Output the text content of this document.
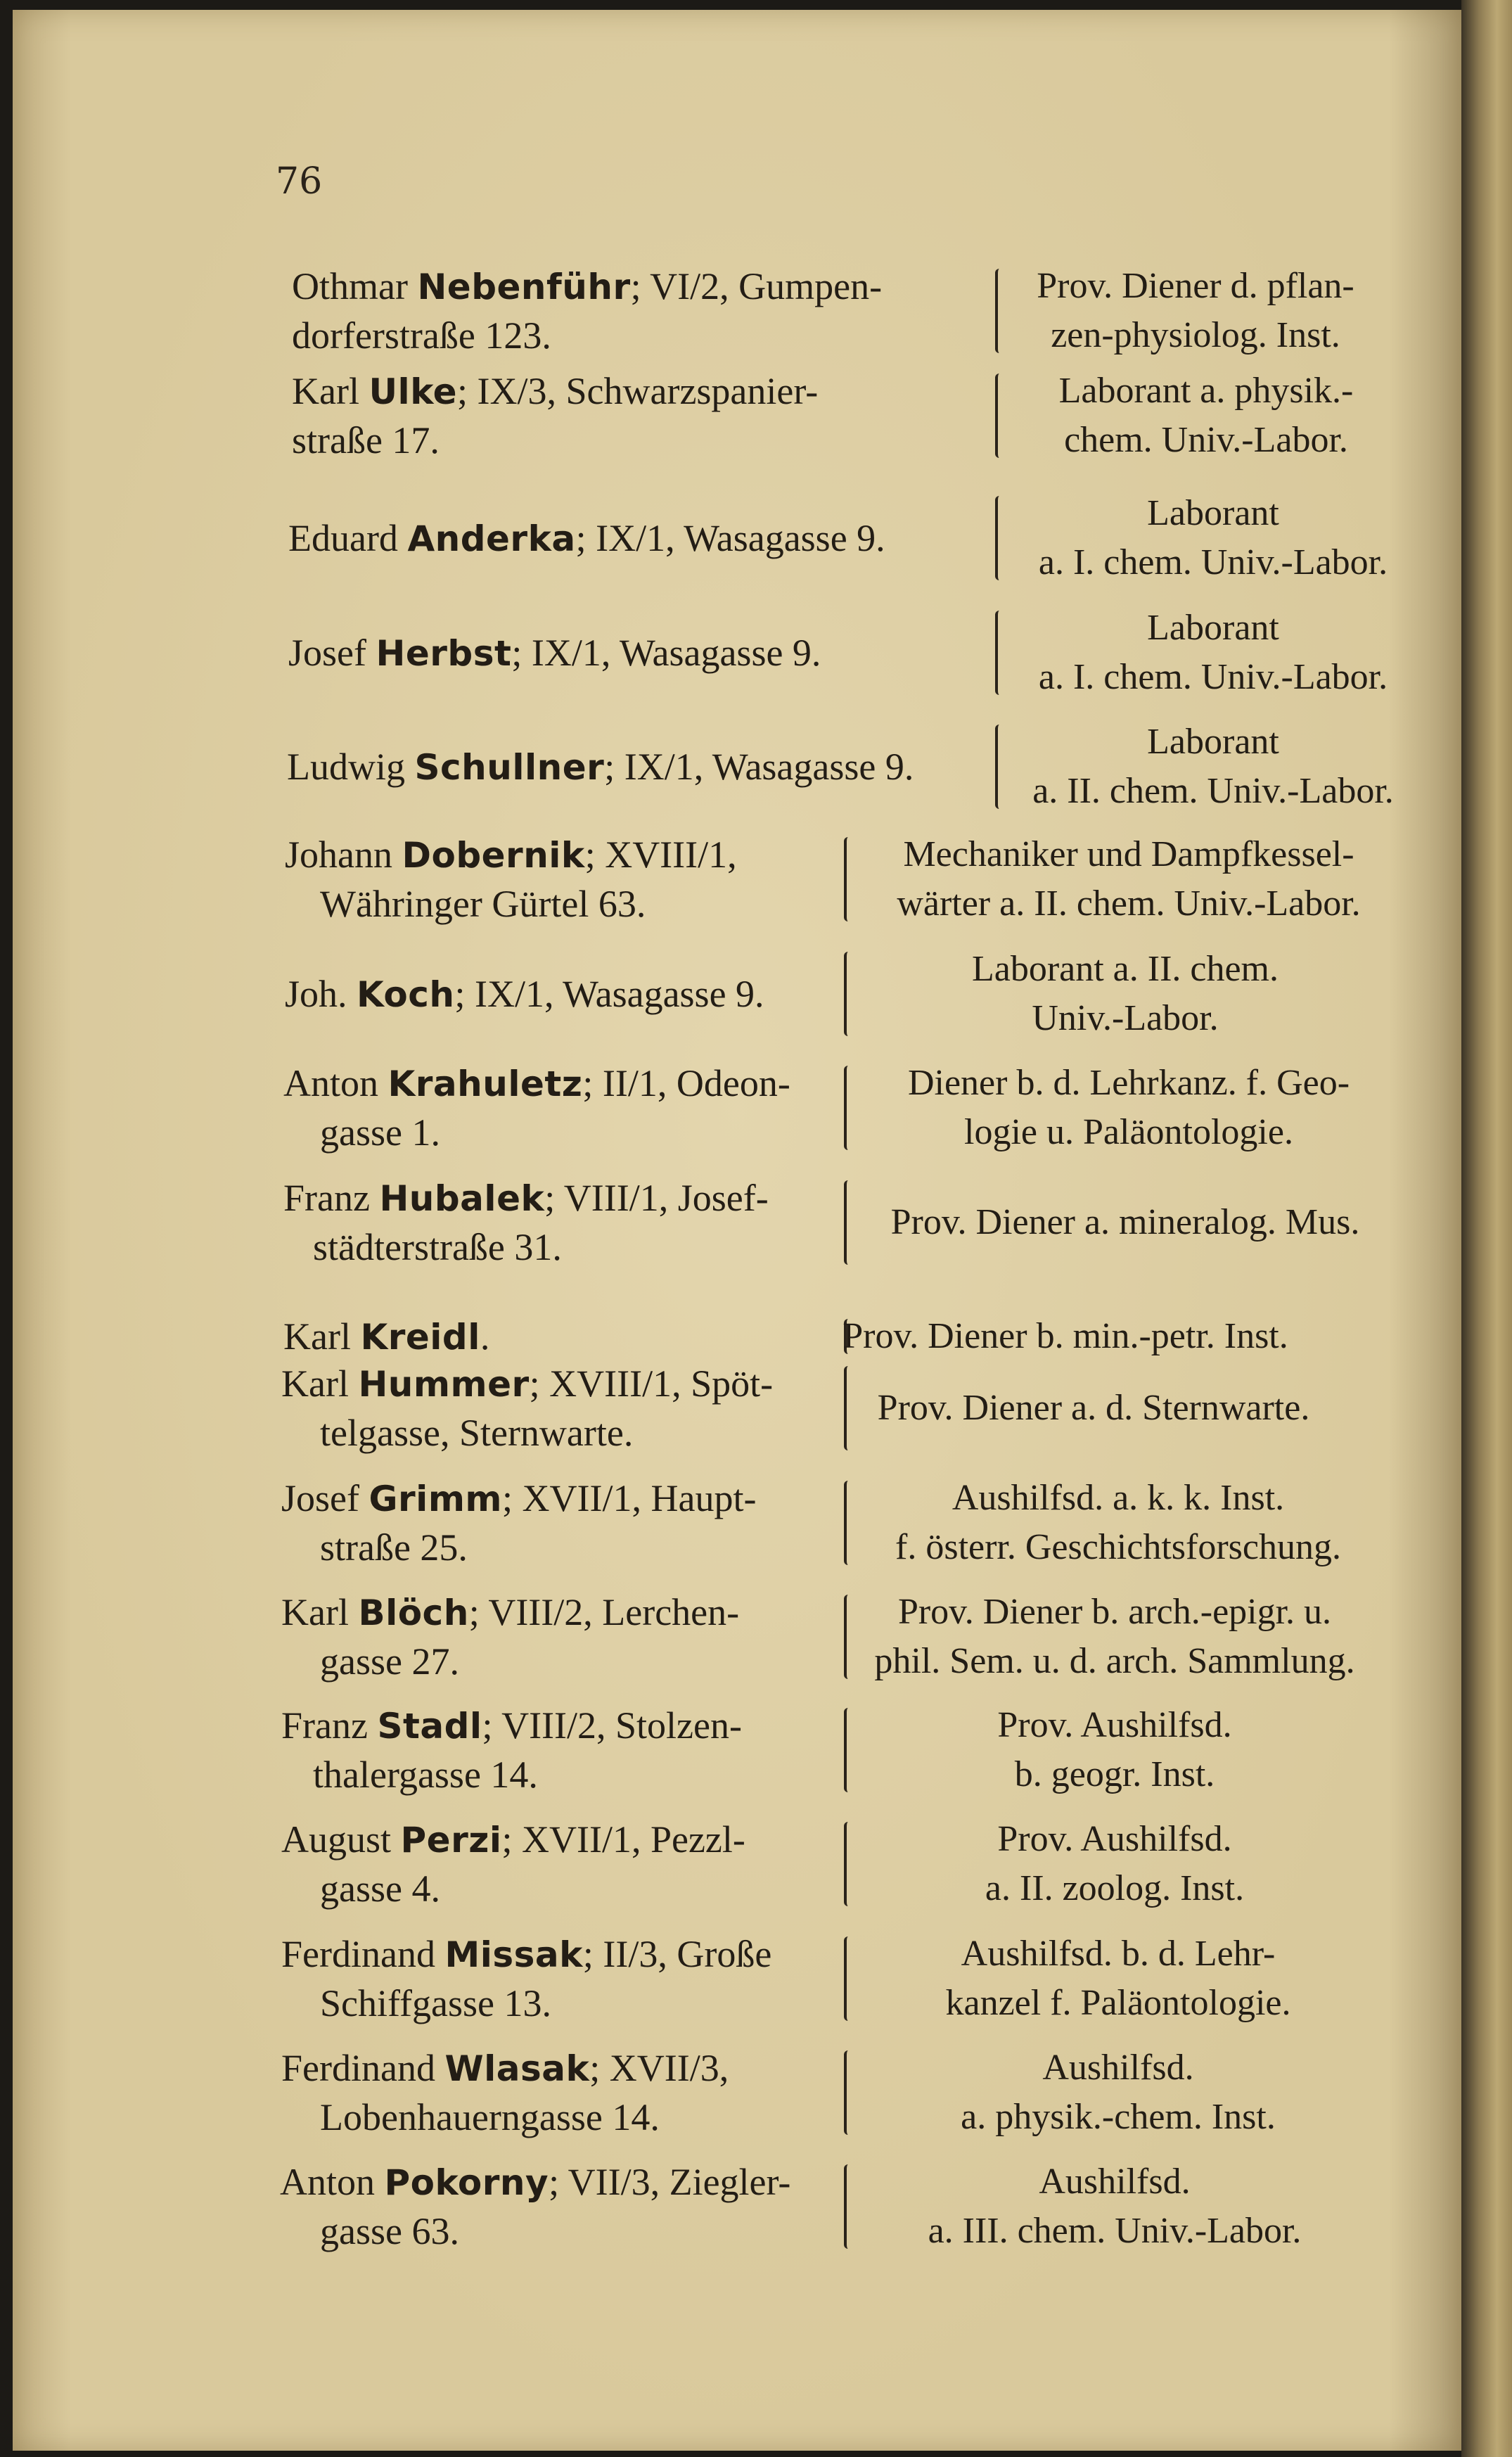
76
Othmar Nebenführ; VI/2, Gumpen-
dorferstraße 123.
Prov. Diener d. pflan-
zen-physiolog. Inst.
Karl Ulke; IX/3, Schwarzspanier-
straße 17.
Laborant a. physik.-
chem. Univ.-Labor.
Eduard Anderka; IX/1, Wasagasse 9.
Laborant
a. I. chem. Univ.-Labor.
Josef Herbst; IX/1, Wasagasse 9.
Laborant
a. I. chem. Univ.-Labor.
Ludwig Schullner; IX/1, Wasagasse 9.
Laborant
a. II. chem. Univ.-Labor.
Johann Dobernik; XVIII/1,
Währinger Gürtel 63.
Mechaniker und Dampfkessel-
wärter a. II. chem. Univ.-Labor.
Joh. Koch; IX/1, Wasagasse 9.
Laborant a. II. chem.
Univ.-Labor.
Anton Krahuletz; II/1, Odeon-
gasse 1.
Diener b. d. Lehrkanz. f. Geo-
logie u. Paläontologie.
Franz Hubalek; VIII/1, Josef-
städterstraße 31.
Prov. Diener a. mineralog. Mus.
Karl Kreidl.	Prov. Diener b. min.-petr. Inst.
Karl Hummer; XVIII/1, Spöt-
telgasse, Sternwarte.
Prov. Diener a. d. Sternwarte.
Josef Grimm; XVII/1, Haupt-
straße 25.
Aushilfsd. a. k. k. Inst.
f. österr. Geschichtsforschung.
Karl Blöch; VIII/2, Lerchen-
gasse 27.
Prov. Diener b. arch.-epigr. u.
phil. Sem. u. d. arch. Sammlung.
Franz Stadl; VIII/2, Stolzen-
thalergasse 14.
Prov. Aushilfsd.
b. geogr. Inst.
August Perzi; XVII/1, Pezzl-
gasse 4.
Prov. Aushilfsd.
a. II. zoolog. Inst.
Ferdinand Missak; II/3, Große
Schiffgasse 13.
Aushilfsd. b. d. Lehr-
kanzel f. Paläontologie.
Ferdinand Wlasak; XVII/3,
Lobenhauerngasse 14.
Aushilfsd.
a. physik.-chem. Inst.
Anton Pokorny; VII/3, Ziegler-
gasse 63.
Aushilfsd.
a. III. chem. Univ.-Labor.
